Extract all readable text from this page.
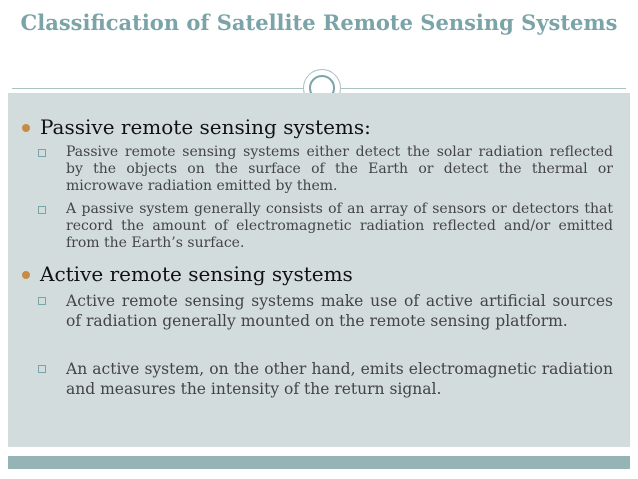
Classification of Satellite Remote Sensing Systems
Passive remote sensing systems:
Passive remote sensing systems either detect the solar radiation reflected by the objects on the surface of the Earth or detect the thermal or microwave radiation emitted by them.
A passive system generally consists of an array of sensors or detectors that record the amount of electromagnetic radiation reflected and/or emitted from the Earth’s surface.
Active remote sensing systems
Active remote sensing systems make use of active artificial sources of radiation generally mounted on the remote sensing platform.
An active system, on the other hand, emits electromagnetic radiation and measures the intensity of the return signal.
